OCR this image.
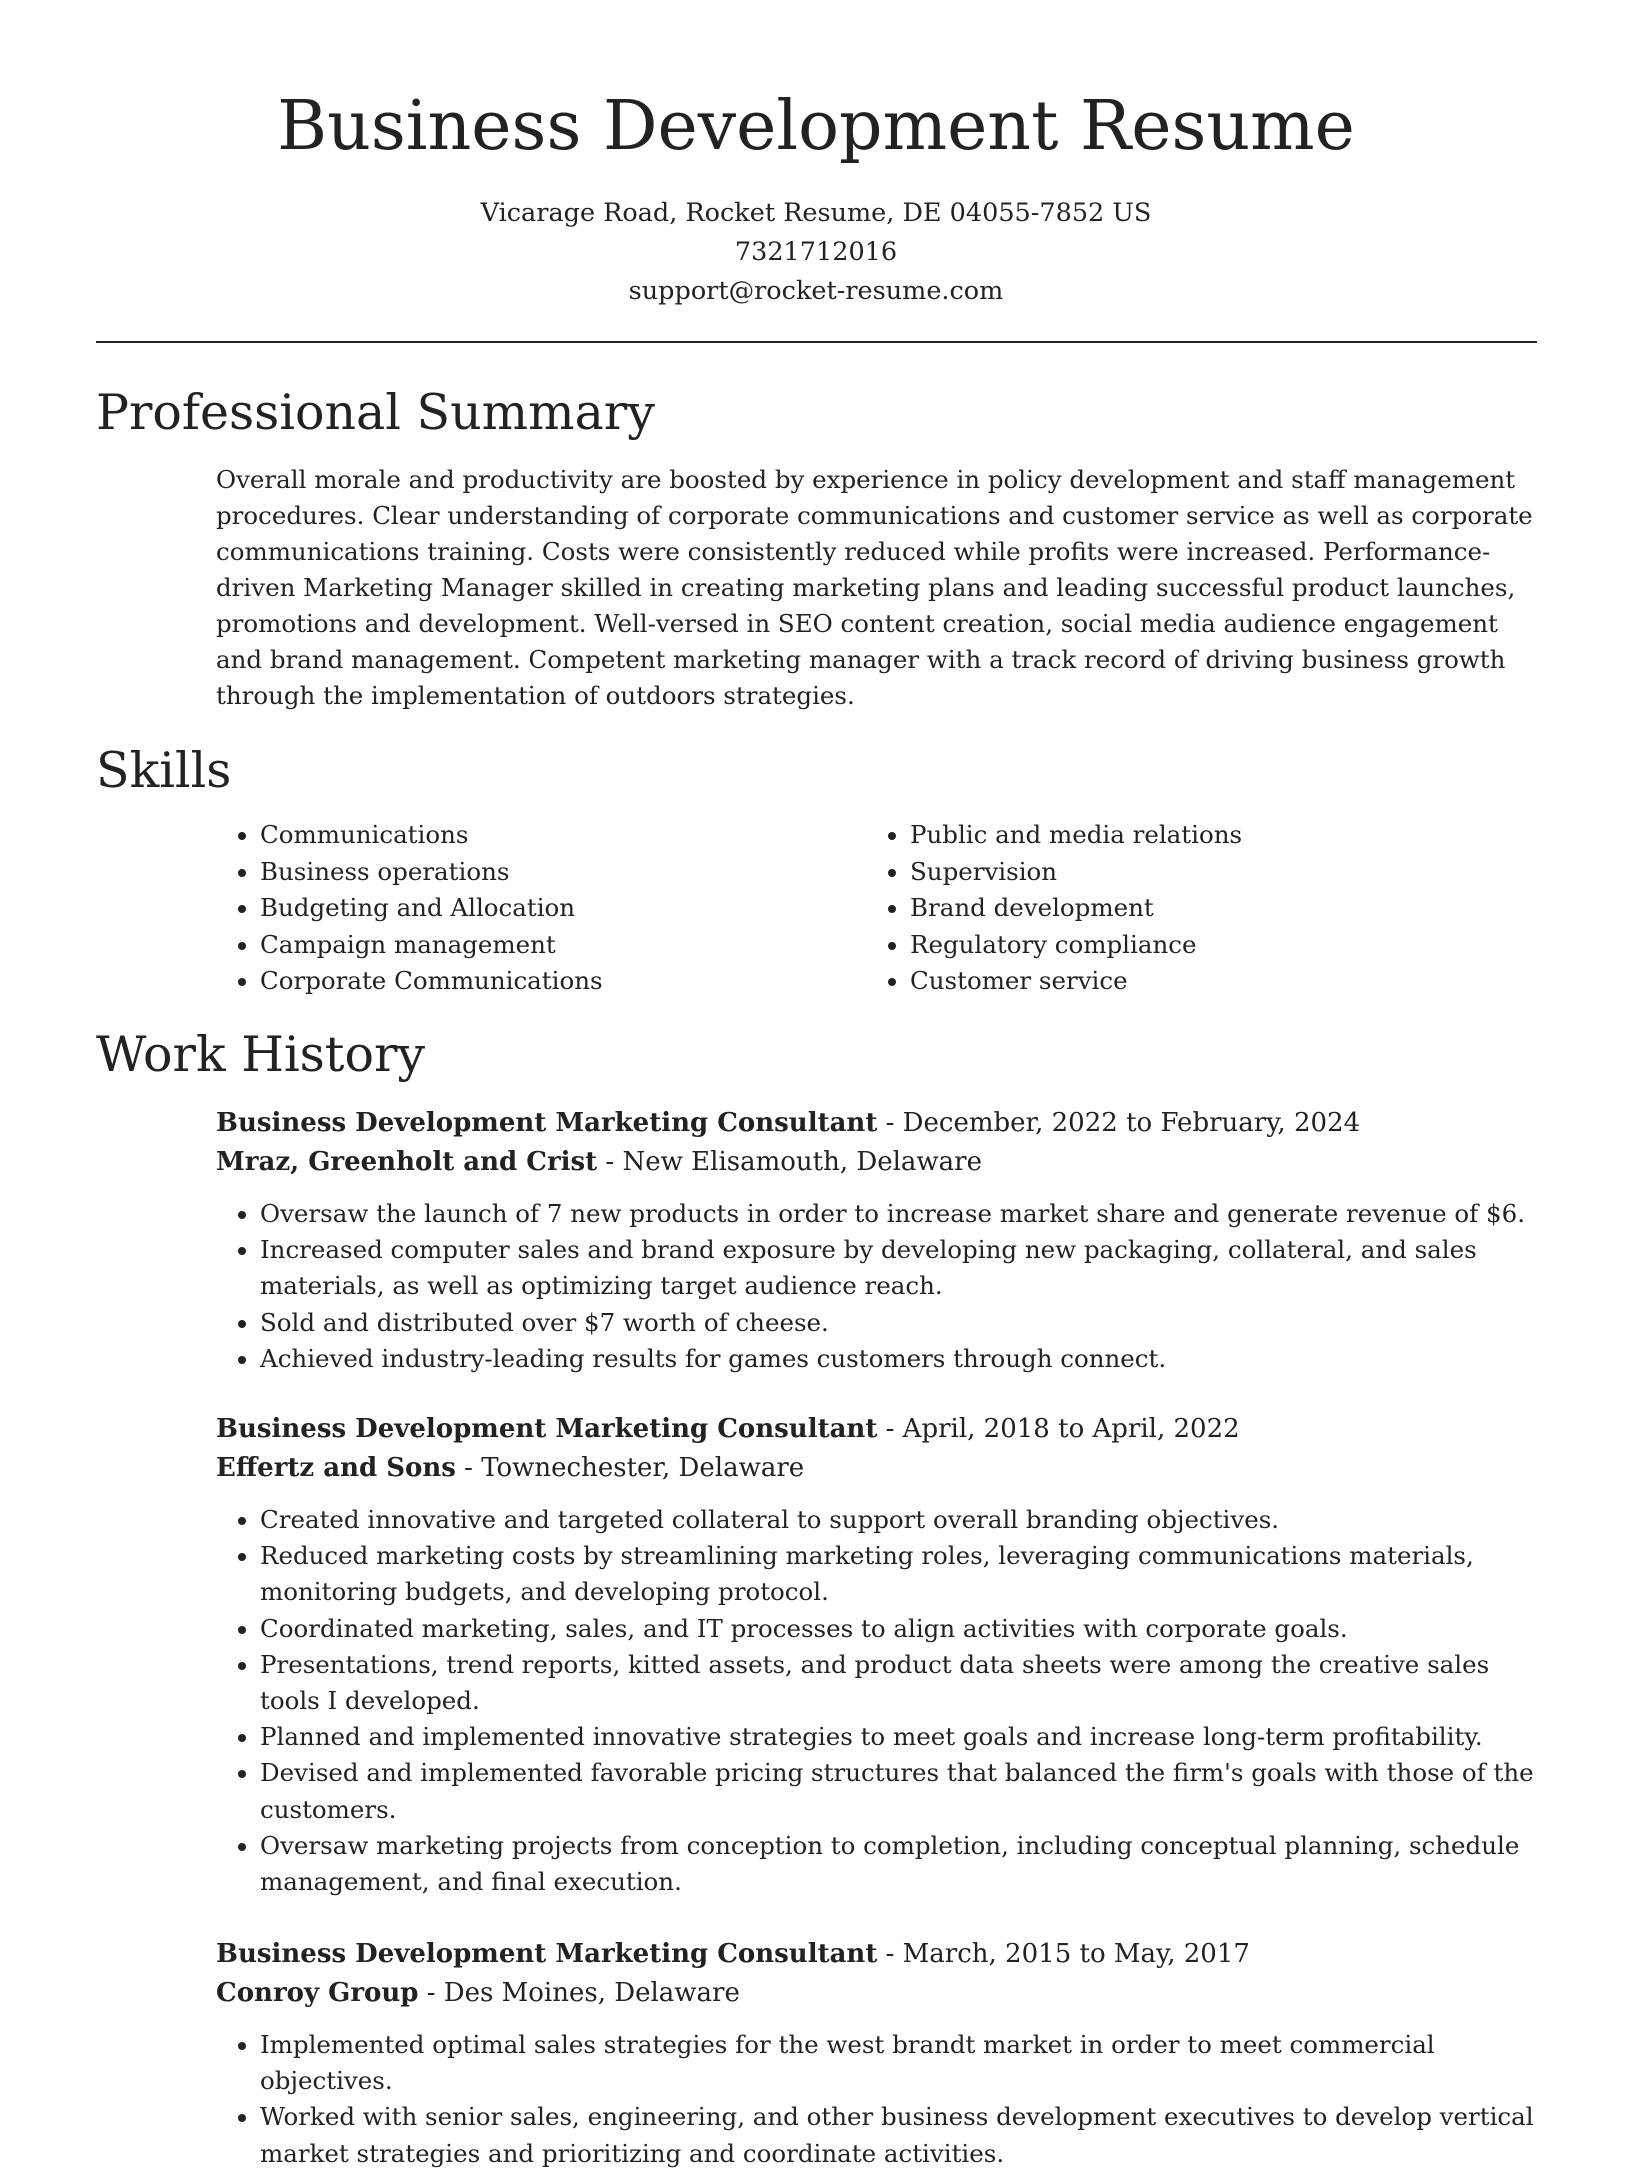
Business Development Resume
Vicarage Road, Rocket Resume, DE 04055-7852 US
7321712016
support@rocket-resume.com
Professional Summary

Overall morale and productivity are boosted by experience in policy development and staff management procedures. Clear understanding of corporate communications and customer service as well as corporate communications training. Costs were consistently reduced while profits were increased. Performance-driven Marketing Manager skilled in creating marketing plans and leading successful product launches, promotions and development. Well-versed in SEO content creation, social media audience engagement and brand management. Competent marketing manager with a track record of driving business growth through the implementation of outdoors strategies.

Skills
• Communications
• Business operations
• Budgeting and Allocation
• Campaign management
• Corporate Communications
• Public and media relations
• Supervision
• Brand development
• Regulatory compliance
• Customer service
Work History

Business Development Marketing Consultant - December, 2022 to February, 2024

Mraz, Greenholt and Crist - New Elisamouth, Delaware

• Oversaw the launch of 7 new products in order to increase market share and generate revenue of $6.
• Increased computer sales and brand exposure by developing new packaging, collateral, and sales materials, as well as optimizing target audience reach.
• Sold and distributed over $7 worth of cheese.
• Achieved industry-leading results for games customers through connect.

Business Development Marketing Consultant - April, 2018 to April, 2022

Effertz and Sons - Townechester, Delaware

• Created innovative and targeted collateral to support overall branding objectives.
• Reduced marketing costs by streamlining marketing roles, leveraging communications materials, monitoring budgets, and developing protocol.
• Coordinated marketing, sales, and IT processes to align activities with corporate goals.
• Presentations, trend reports, kitted assets, and product data sheets were among the creative sales tools I developed.
• Planned and implemented innovative strategies to meet goals and increase long-term profitability.
• Devised and implemented favorable pricing structures that balanced the firm's goals with those of the customers.
• Oversaw marketing projects from conception to completion, including conceptual planning, schedule management, and final execution.

Business Development Marketing Consultant - March, 2015 to May, 2017

Conroy Group - Des Moines, Delaware

• Implemented optimal sales strategies for the west brandt market in order to meet commercial objectives.
• Worked with senior sales, engineering, and other business development executives to develop vertical market strategies and prioritizing and coordinate activities.
